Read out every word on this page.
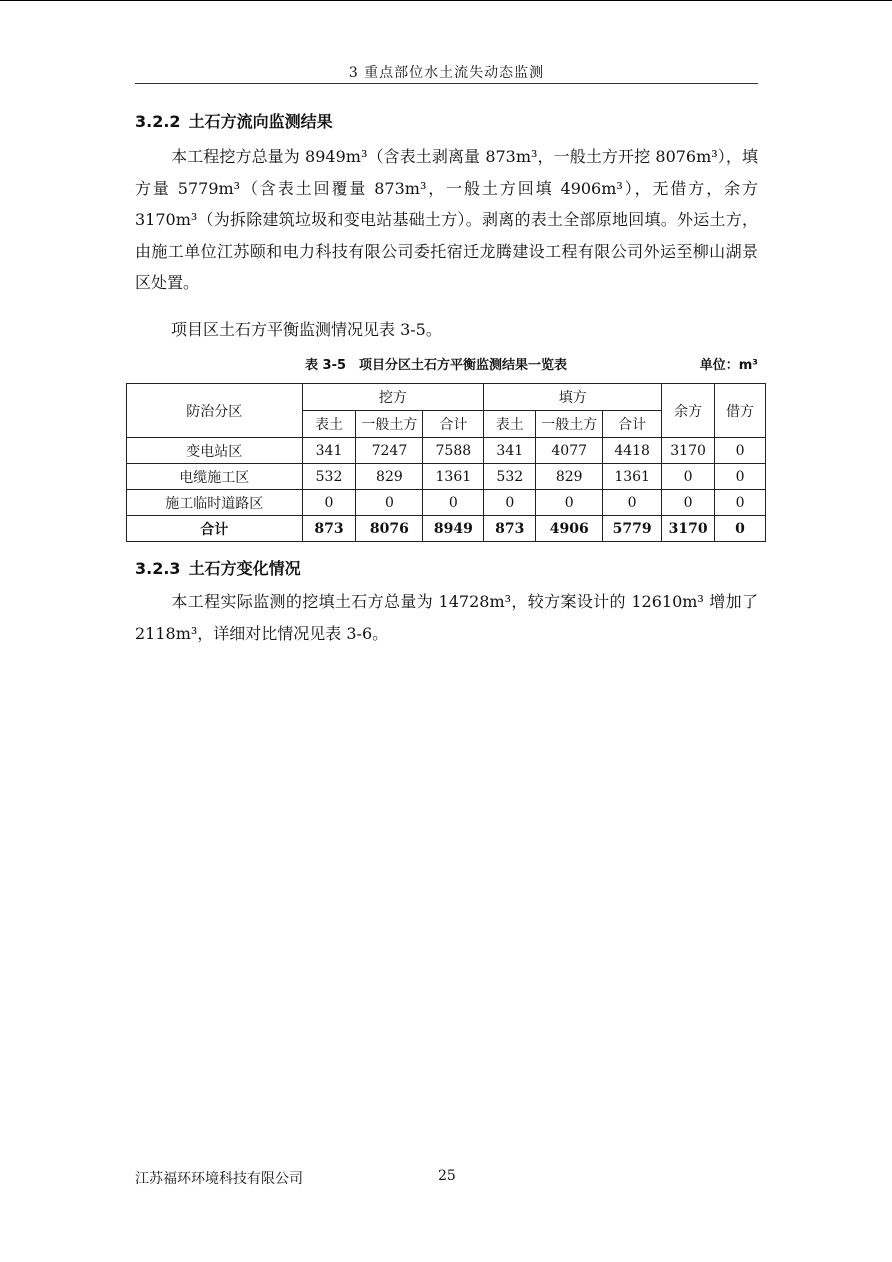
3 重点部位水土流失动态监测
3.2.2 土石方流向监测结果
本工程挖方总量为 8949m³（含表土剥离量 873m³，一般土方开挖 8076m³），填方量 5779m³（含表土回覆量 873m³，一般土方回填 4906m³），无借方，余方 3170m³（为拆除建筑垃圾和变电站基础土方）。剥离的表土全部原地回填。外运土方，由施工单位江苏颐和电力科技有限公司委托宿迁龙腾建设工程有限公司外运至柳山湖景区处置。
项目区土石方平衡监测情况见表 3-5。
表 3-5　项目分区土石方平衡监测结果一览表	单位：m³
防治分区	挖方			填方			余方	借方
	表土	一般土方	合计	表土	一般土方	合计		
变电站区	341	7247	7588	341	4077	4418	3170	0
电缆施工区	532	829	1361	532	829	1361	0	0
施工临时道路区	0	0	0	0	0	0	0	0
合计	873	8076	8949	873	4906	5779	3170	0
3.2.3 土石方变化情况
本工程实际监测的挖填土石方总量为 14728m³，较方案设计的 12610m³ 增加了 2118m³，详细对比情况见表 3-6。
江苏福环环境科技有限公司	25
